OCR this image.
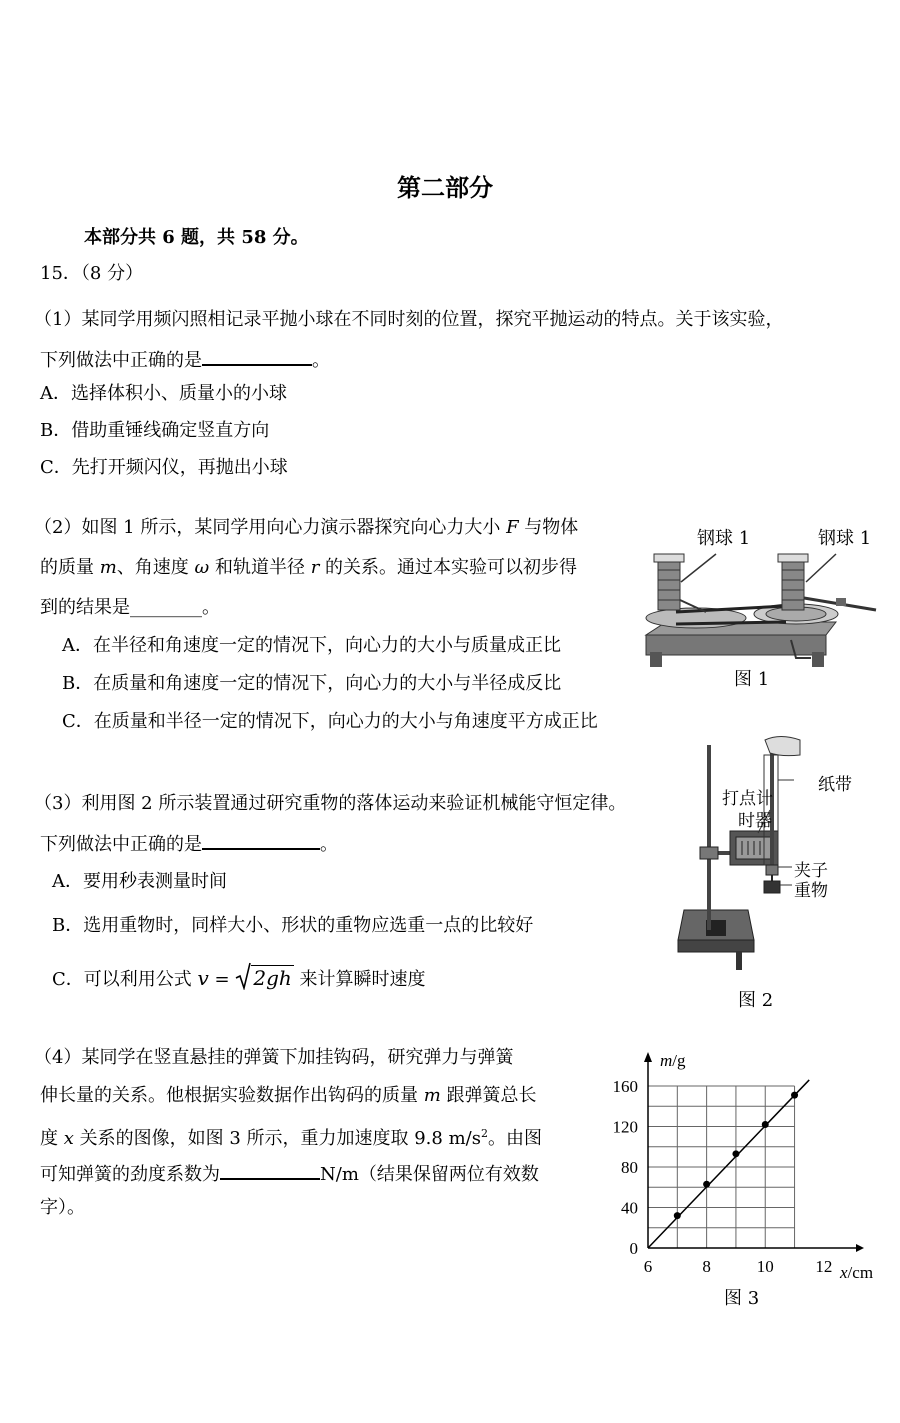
第二部分
本部分共 6 题，共 58 分。
15．（8 分）
（1）某同学用频闪照相记录平抛小球在不同时刻的位置，探究平抛运动的特点。关于该实验，
下列做法中正确的是	。
A．选择体积小、质量小的小球
B．借助重锤线确定竖直方向
C．先打开频闪仪，再抛出小球
（2）如图 1 所示，某同学用向心力演示器探究向心力大小 F 与物体
的质量 m、角速度 ω 和轨道半径 r 的关系。通过本实验可以初步得
到的结果是________。
A．在半径和角速度一定的情况下，向心力的大小与质量成正比
B．在质量和角速度一定的情况下，向心力的大小与半径成反比
C．在质量和半径一定的情况下，向心力的大小与角速度平方成正比
钢球 1	钢球 1
图 1
（3）利用图 2 所示装置通过研究重物的落体运动来验证机械能守恒定律。
下列做法中正确的是	。
A．要用秒表测量时间
B．选用重物时，同样大小、形状的重物应选重一点的比较好
C．可以利用公式 v =
2gh 来计算瞬时速度
纸带
打点计
时器
夹子
重物
图 2
（4）某同学在竖直悬挂的弹簧下加挂钩码，研究弹力与弹簧
伸长量的关系。他根据实验数据作出钩码的质量 m 跟弹簧总长
度 x 关系的图像，如图 3 所示，重力加速度取 9.8 $m/s^2$。由图
可知弹簧的劲度系数为	N/m（结果保留两位有效数
字）。
0
40
80
120
160
6	8	10 12
m/g
x/cm
图 3
